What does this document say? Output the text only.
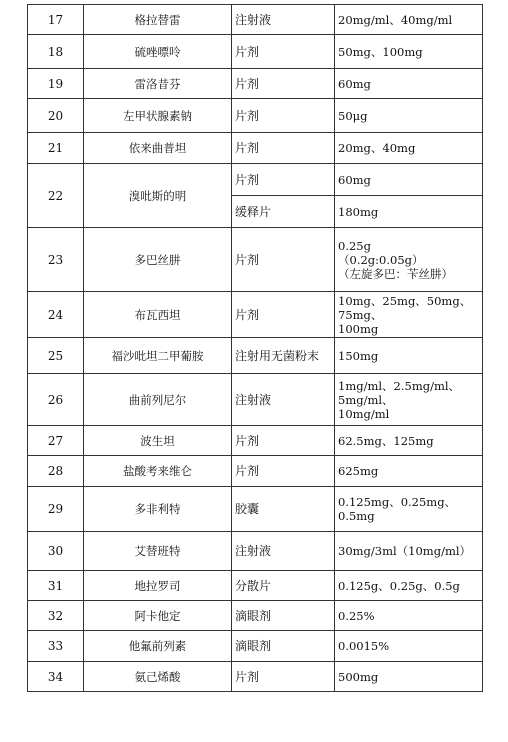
17	格拉替雷	注射液	20mg/ml、40mg/ml

18	硫唑嘌呤	片剂	50mg、100mg

19	雷洛昔芬	片剂	60mg

20	左甲状腺素钠	片剂	50μg

21	依来曲普坦	片剂	20mg、40mg

22	溴吡斯的明	片剂	60mg

		缓释片	180mg

23	多巴丝肼	片剂	0.25g
（0.2g:0.05g）
（左旋多巴：苄丝肼）

24	布瓦西坦	片剂	10mg、25mg、50mg、75mg、
100mg

25	福沙吡坦二甲葡胺	注射用无菌粉末	150mg

26	曲前列尼尔	注射液	1mg/ml、2.5mg/ml、5mg/ml、
10mg/ml

27	波生坦	片剂	62.5mg、125mg

28	盐酸考来维仑	片剂	625mg

29	多非利特	胶囊	0.125mg、0.25mg、0.5mg

30	艾替班特	注射液	30mg/3ml（10mg/ml）

31	地拉罗司	分散片	0.125g、0.25g、0.5g

32	阿卡他定	滴眼剂	0.25%

33	他氟前列素	滴眼剂	0.0015%

34	氨己烯酸	片剂	500mg
